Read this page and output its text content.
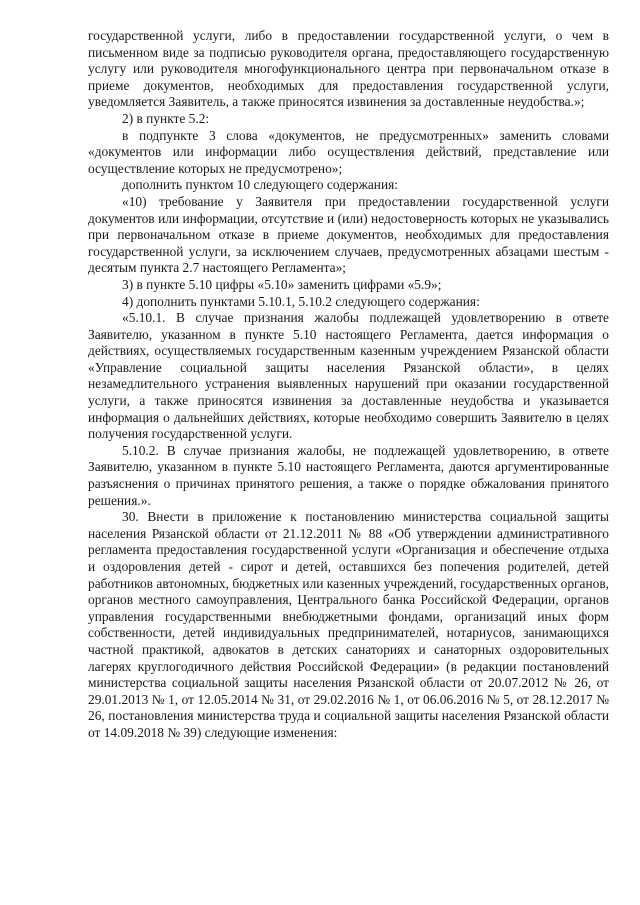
государственной услуги, либо в предоставлении государственной услуги, о чем в письменном виде за подписью руководителя органа, предоставляющего государственную услугу или руководителя многофункционального центра при первоначальном отказе в приеме документов, необходимых для предоставления государственной услуги, уведомляется Заявитель, а также приносятся извинения за доставленные неудобства.»;

2) в пункте 5.2:

в подпункте 3 слова «документов, не предусмотренных» заменить словами «документов или информации либо осуществления действий, представление или осуществление которых не предусмотрено»;

дополнить пунктом 10 следующего содержания:

«10) требование у Заявителя при предоставлении государственной услуги документов или информации, отсутствие и (или) недостоверность которых не указывались при первоначальном отказе в приеме документов, необходимых для предоставления государственной услуги, за исключением случаев, предусмотренных абзацами шестым - десятым пункта 2.7 настоящего Регламента»;

3) в пункте 5.10 цифры «5.10» заменить цифрами «5.9»;

4) дополнить пунктами 5.10.1, 5.10.2 следующего содержания:

«5.10.1. В случае признания жалобы подлежащей удовлетворению в ответе Заявителю, указанном в пункте 5.10 настоящего Регламента, дается информация о действиях, осуществляемых государственным казенным учреждением Рязанской области «Управление социальной защиты населения Рязанской области», в целях незамедлительного устранения выявленных нарушений при оказании государственной услуги, а также приносятся извинения за доставленные неудобства и указывается информация о дальнейших действиях, которые необходимо совершить Заявителю в целях получения государственной услуги.

5.10.2. В случае признания жалобы, не подлежащей удовлетворению, в ответе Заявителю, указанном в пункте 5.10 настоящего Регламента, даются аргументированные разъяснения о причинах принятого решения, а также о порядке обжалования принятого решения.».

30. Внести в приложение к постановлению министерства социальной защиты населения Рязанской области от 21.12.2011 № 88 «Об утверждении административного регламента предоставления государственной услуги «Организация и обеспечение отдыха и оздоровления детей - сирот и детей, оставшихся без попечения родителей, детей работников автономных, бюджетных или казенных учреждений, государственных органов, органов местного самоуправления, Центрального банка Российской Федерации, органов управления государственными внебюджетными фондами, организаций иных форм собственности, детей индивидуальных предпринимателей, нотариусов, занимающихся частной практикой, адвокатов в детских санаториях и санаторных оздоровительных лагерях круглогодичного действия Российской Федерации» (в редакции постановлений министерства социальной защиты населения Рязанской области от 20.07.2012 № 26, от 29.01.2013 № 1, от 12.05.2014 № 31, от 29.02.2016 № 1, от 06.06.2016 № 5, от 28.12.2017 № 26, постановления министерства труда и социальной защиты населения Рязанской области от 14.09.2018 № 39) следующие изменения:
